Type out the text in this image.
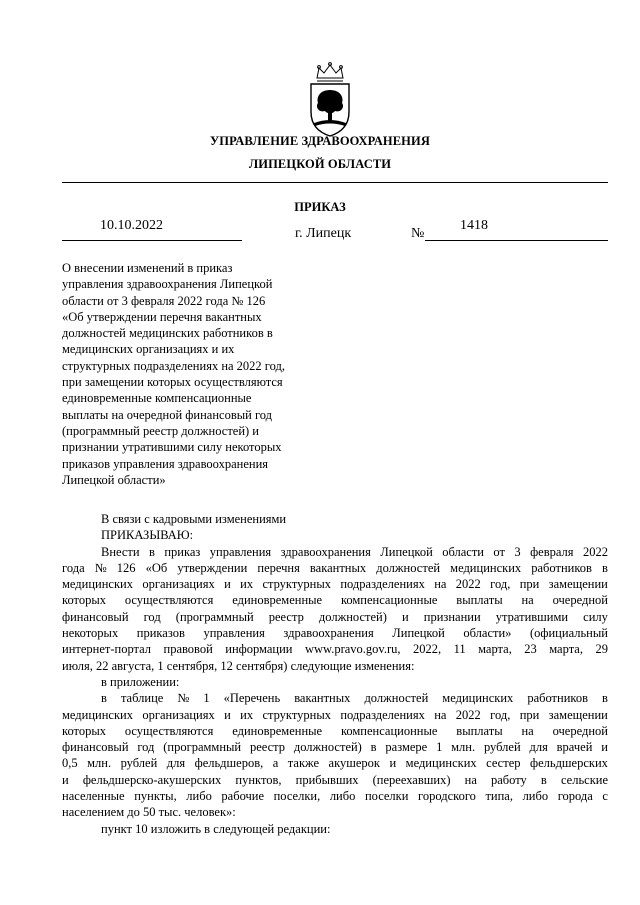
УПРАВЛЕНИЕ ЗДРАВООХРАНЕНИЯ
ЛИПЕЦКОЙ ОБЛАСТИ
ПРИКАЗ
10.10.2022
г. Липецк	№
1418
О внесении изменений в приказ
управления здравоохранения Липецкой
области от 3 февраля 2022 года № 126
«Об утверждении перечня вакантных
должностей медицинских работников в
медицинских организациях и их
структурных подразделениях на 2022 год,
при замещении которых осуществляются
единовременные компенсационные
выплаты на очередной финансовый год
(программный реестр должностей) и
признании утратившими силу некоторых
приказов управления здравоохранения
Липецкой области»
В связи с кадровыми изменениями
ПРИКАЗЫВАЮ:
Внести в приказ управления здравоохранения Липецкой области от 3 февраля 2022
года № 126 «Об утверждении перечня вакантных должностей медицинских работников в
медицинских организациях и их структурных подразделениях на 2022 год, при замещении
которых осуществляются единовременные компенсационные выплаты на очередной
финансовый год (программный реестр должностей) и признании утратившими силу
некоторых приказов управления здравоохранения Липецкой области» (официальный
интернет-портал правовой информации www.pravo.gov.ru, 2022, 11 марта, 23 марта, 29
июля, 22 августа, 1 сентября, 12 сентября) следующие изменения:
в приложении:
в таблице № 1 «Перечень вакантных должностей медицинских работников в
медицинских организациях и их структурных подразделениях на 2022 год, при замещении
которых осуществляются единовременные компенсационные выплаты на очередной
финансовый год (программный реестр должностей) в размере 1 млн. рублей для врачей и
0,5 млн. рублей для фельдшеров, а также акушерок и медицинских сестер фельдшерских
и фельдшерско-акушерских пунктов, прибывших (переехавших) на работу в сельские
населенные пункты, либо рабочие поселки, либо поселки городского типа, либо города с
населением до 50 тыс. человек»:
пункт 10 изложить в следующей редакции:
